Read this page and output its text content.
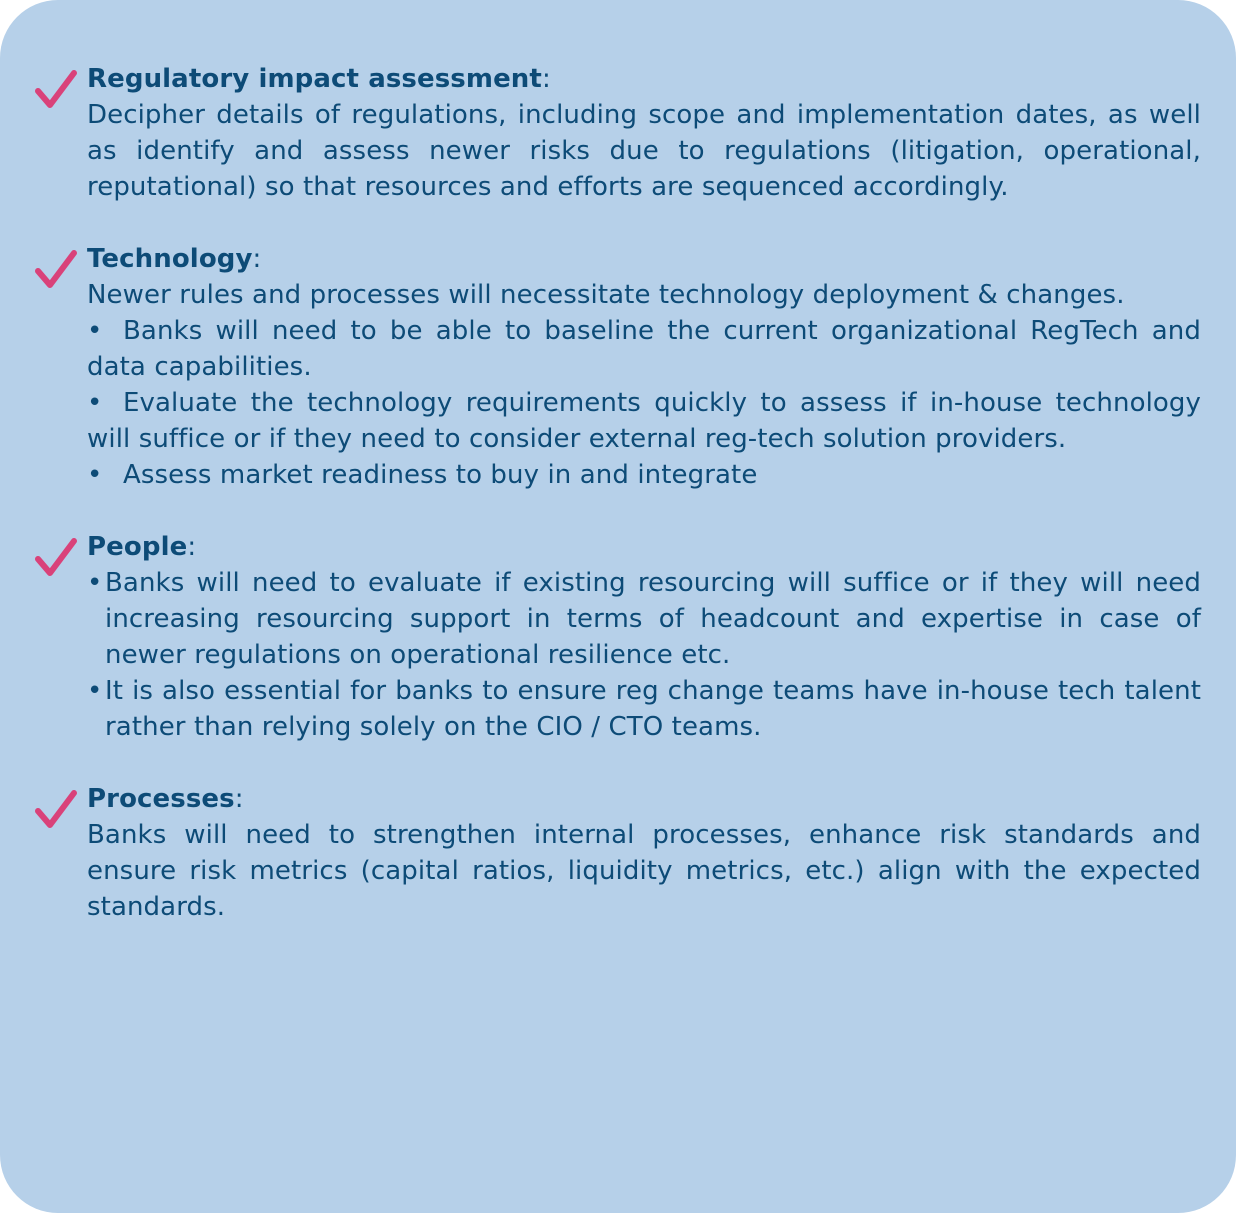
Regulatory impact assessment:

Decipher details of regulations, including scope and implementation dates, as well as identify and assess newer risks due to regulations (litigation, operational, reputational) so that resources and efforts are sequenced accordingly.

Technology:

Newer rules and processes will necessitate technology deployment & changes.

• Banks will need to be able to baseline the current organizational RegTech and data capabilities.

• Evaluate the technology requirements quickly to assess if in-house technology will suffice or if they need to consider external reg-tech solution providers.

• Assess market readiness to buy in and integrate

People:

• Banks will need to evaluate if existing resourcing will suffice or if they will need increasing resourcing support in terms of headcount and expertise in case of newer regulations on operational resilience etc.

• It is also essential for banks to ensure reg change teams have in-house tech talent rather than relying solely on the CIO / CTO teams.

Processes:

Banks will need to strengthen internal processes, enhance risk standards and ensure risk metrics (capital ratios, liquidity metrics, etc.) align with the expected standards.
